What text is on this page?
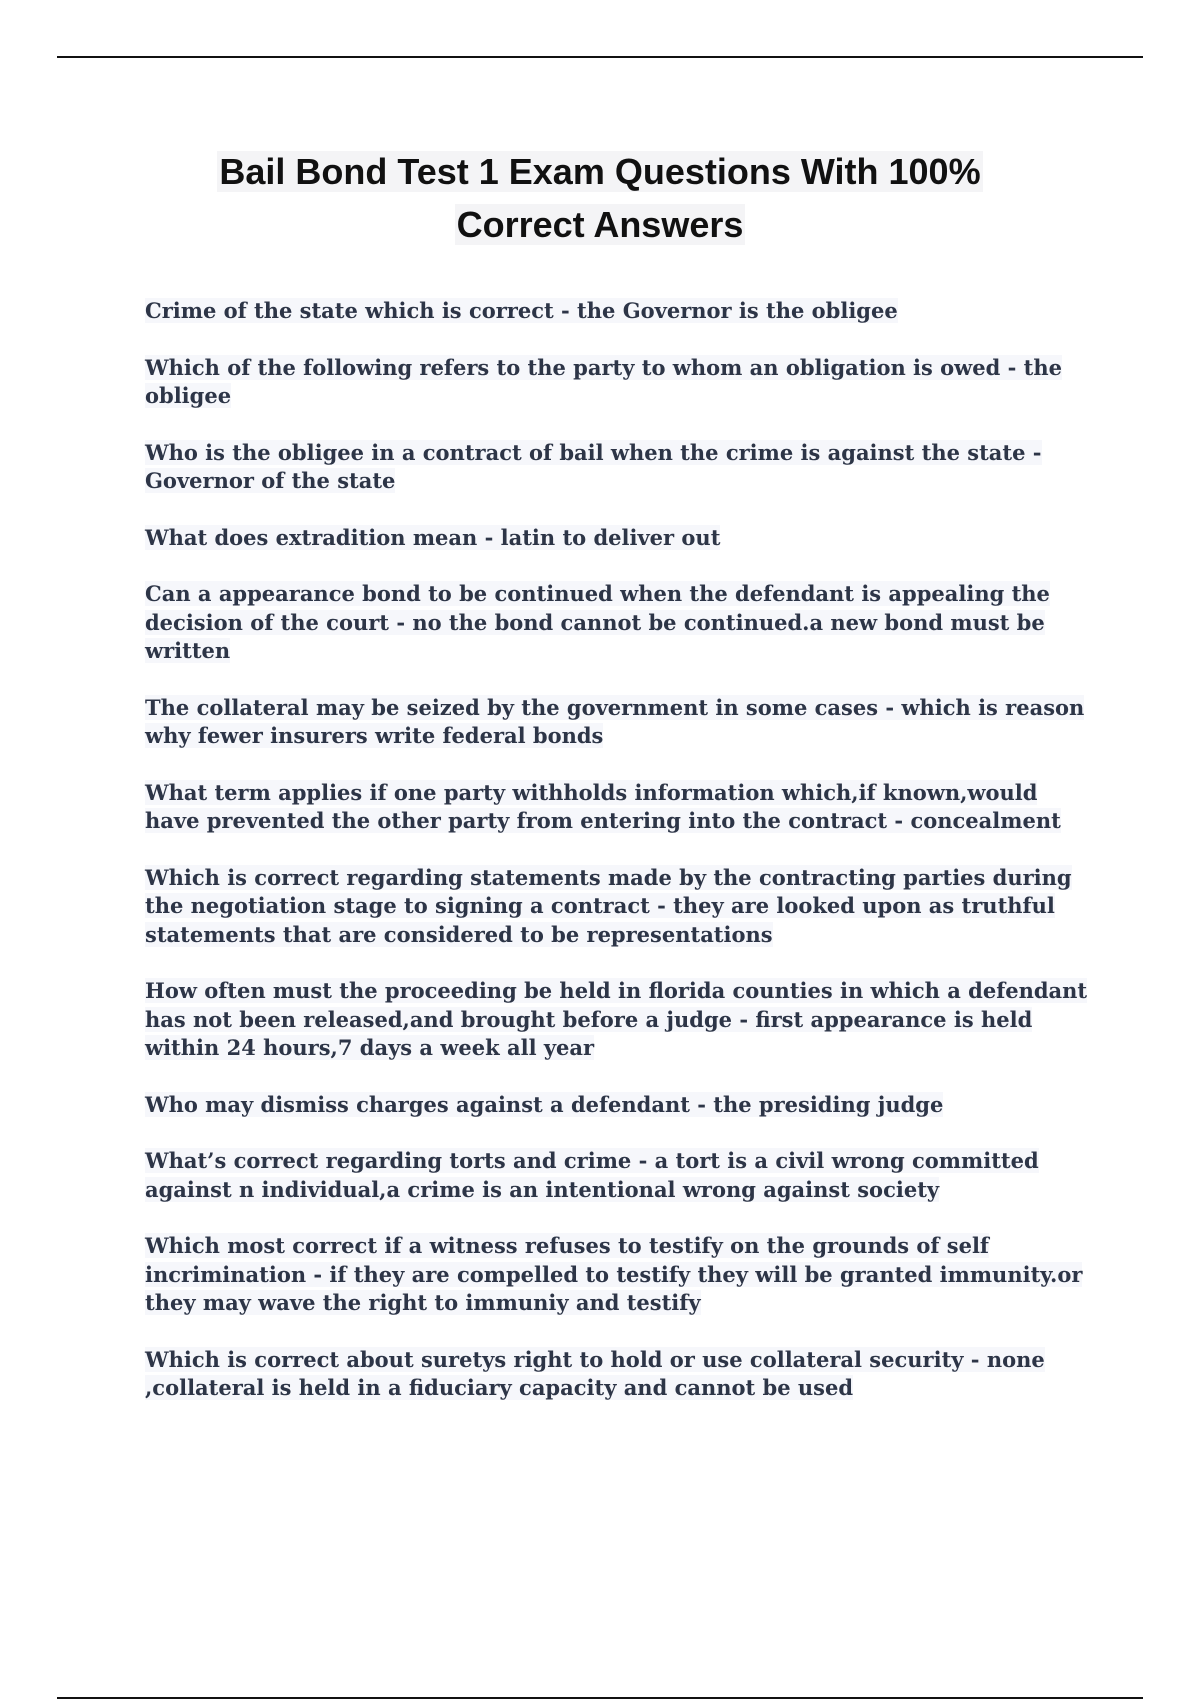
Bail Bond Test 1 Exam Questions With 100%
Correct Answers
Crime of the state which is correct - the Governor is the obligee
Which of the following refers to the party to whom an obligation is owed - the obligee
Who is the obligee in a contract of bail when the crime is against the state - Governor of the state
What does extradition mean - latin to deliver out
Can a appearance bond to be continued when the defendant is appealing the decision of the court - no the bond cannot be continued.a new bond must be written
The collateral may be seized by the government in some cases - which is reason why fewer insurers write federal bonds
What term applies if one party withholds information which,if known,would have prevented the other party from entering into the contract - concealment
Which is correct regarding statements made by the contracting parties during the negotiation stage to signing a contract - they are looked upon as truthful statements that are considered to be representations
How often must the proceeding be held in florida counties in which a defendant has not been released,and brought before a judge - first appearance is held within 24 hours,7 days a week all year
Who may dismiss charges against a defendant - the presiding judge
What’s correct regarding torts and crime - a tort is a civil wrong committed against n individual,a crime is an intentional wrong against society
Which most correct if a witness refuses to testify on the grounds of self incrimination - if they are compelled to testify they will be granted immunity.or they may wave the right to immuniy and testify
Which is correct about suretys right to hold or use collateral security - none ,collateral is held in a fiduciary capacity and cannot be used
